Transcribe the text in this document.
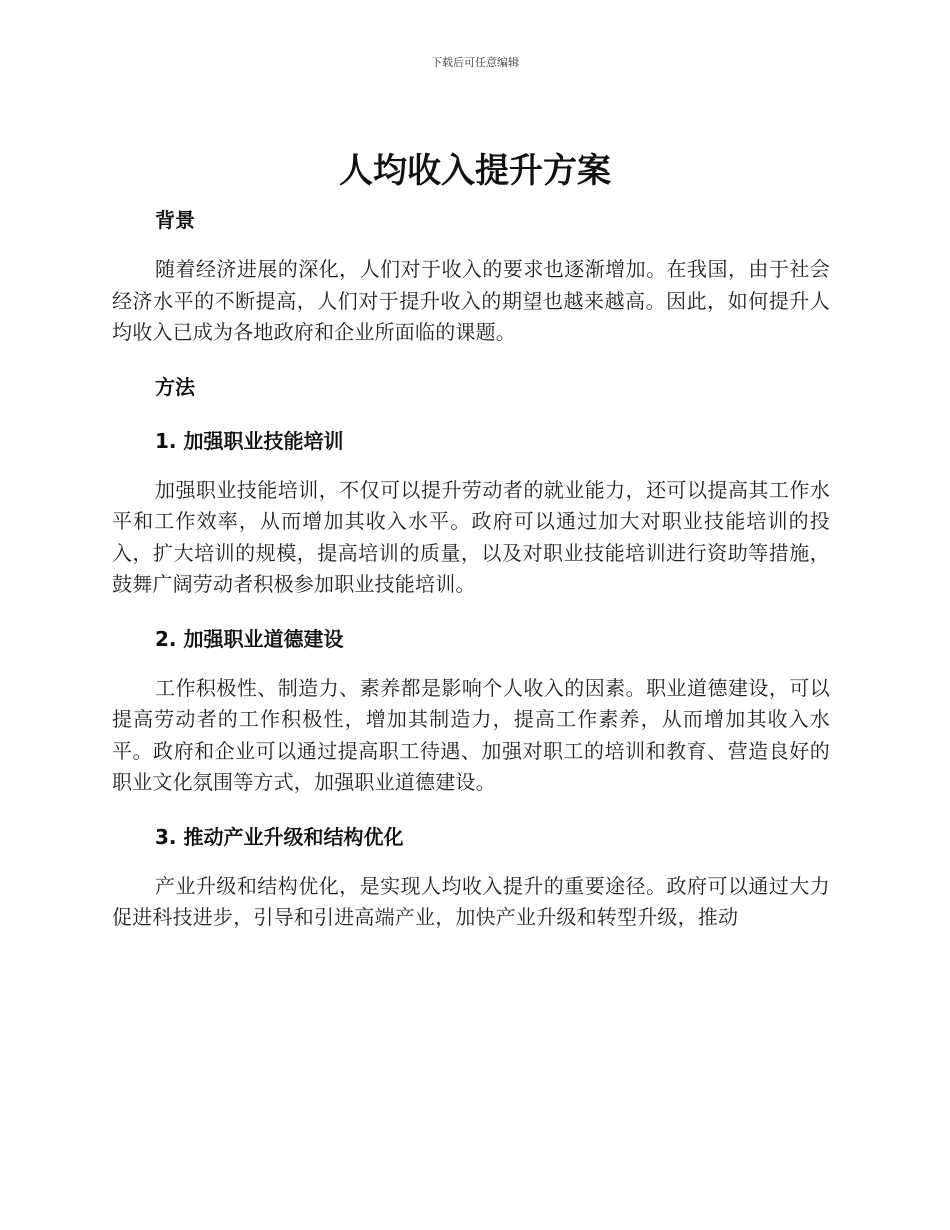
下载后可任意编辑
人均收入提升方案
背景

随着经济进展的深化，人们对于收入的要求也逐渐增加。在我国，由于社会经济水平的不断提高，人们对于提升收入的期望也越来越高。因此，如何提升人均收入已成为各地政府和企业所面临的课题。

方法
1. 加强职业技能培训

加强职业技能培训，不仅可以提升劳动者的就业能力，还可以提高其工作水平和工作效率，从而增加其收入水平。政府可以通过加大对职业技能培训的投入，扩大培训的规模，提高培训的质量，以及对职业技能培训进行资助等措施，鼓舞广阔劳动者积极参加职业技能培训。

2. 加强职业道德建设

工作积极性、制造力、素养都是影响个人收入的因素。职业道德建设，可以提高劳动者的工作积极性，增加其制造力，提高工作素养，从而增加其收入水平。政府和企业可以通过提高职工待遇、加强对职工的培训和教育、营造良好的职业文化氛围等方式，加强职业道德建设。

3. 推动产业升级和结构优化

产业升级和结构优化，是实现人均收入提升的重要途径。政府可以通过大力促进科技进步，引导和引进高端产业，加快产业升级和转型升级，推动
